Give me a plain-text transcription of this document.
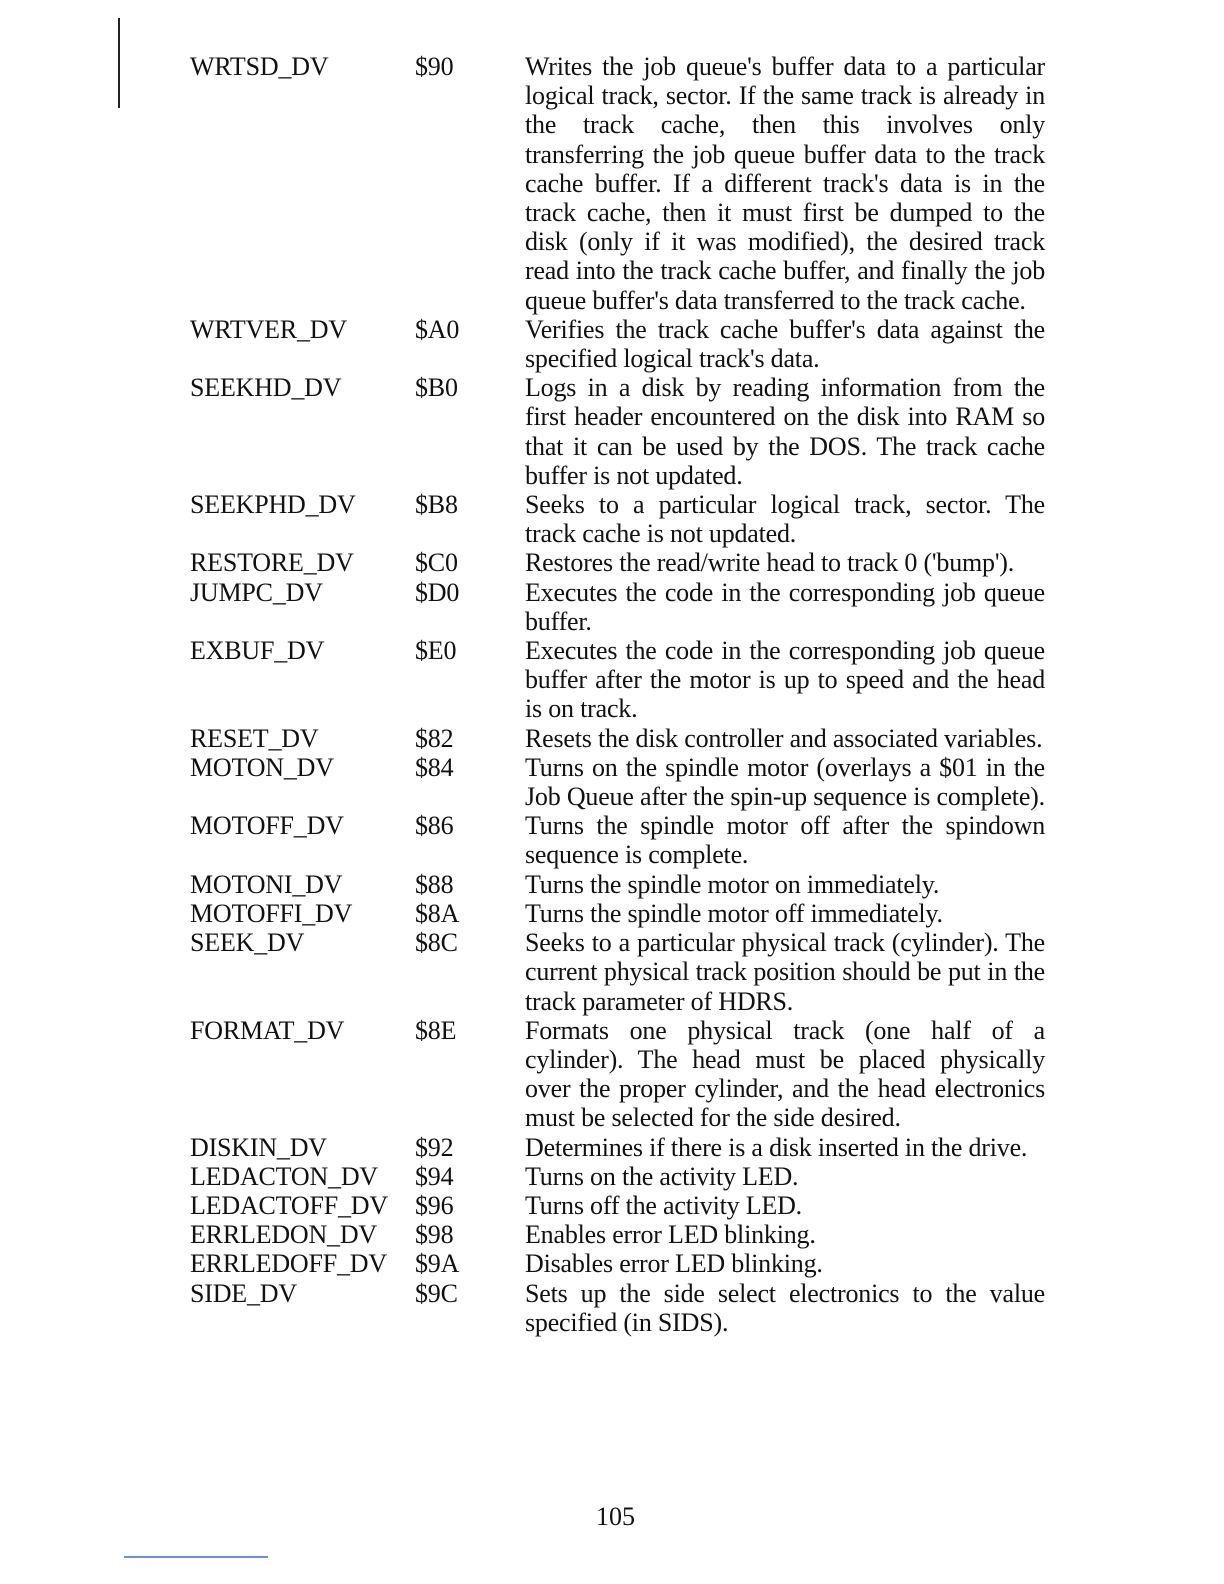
WRTSD_DV	$90	Writes the job queue's buffer data to a particular logical track, sector. If the same track is already in the track cache, then this involves only transferring the job queue buffer data to the track cache buffer. If a different track's data is in the track cache, then it must first be dumped to the disk (only if it was modified), the desired track read into the track cache buffer, and finally the job queue buffer's data transferred to the track cache.
WRTVER_DV	$A0	Verifies the track cache buffer's data against the specified logical track's data.
SEEKHD_DV	$B0	Logs in a disk by reading information from the first header encountered on the disk into RAM so that it can be used by the DOS. The track cache buffer is not updated.
SEEKPHD_DV	$B8	Seeks to a particular logical track, sector. The track cache is not updated.
RESTORE_DV	$C0	Restores the read/write head to track 0 ('bump').
JUMPC_DV	$D0	Executes the code in the corresponding job queue buffer.
EXBUF_DV	$E0	Executes the code in the corresponding job queue buffer after the motor is up to speed and the head is on track.
RESET_DV	$82	Resets the disk controller and associated variables.
MOTON_DV	$84	Turns on the spindle motor (overlays a $01 in the Job Queue after the spin-up sequence is complete).
MOTOFF_DV	$86	Turns the spindle motor off after the spindown sequence is complete.
MOTONI_DV	$88	Turns the spindle motor on immediately.
MOTOFFI_DV	$8A	Turns the spindle motor off immediately.
SEEK_DV	$8C	Seeks to a particular physical track (cylinder). The current physical track position should be put in the track parameter of HDRS.
FORMAT_DV	$8E	Formats one physical track (one half of a cylinder). The head must be placed physically over the proper cylinder, and the head electronics must be selected for the side desired.
DISKIN_DV	$92	Determines if there is a disk inserted in the drive.
LEDACTON_DV	$94	Turns on the activity LED.
LEDACTOFF_DV	$96	Turns off the activity LED.
ERRLEDON_DV	$98	Enables error LED blinking.
ERRLEDOFF_DV	$9A	Disables error LED blinking.
SIDE_DV	$9C	Sets up the side select electronics to the value specified (in SIDS).
105
